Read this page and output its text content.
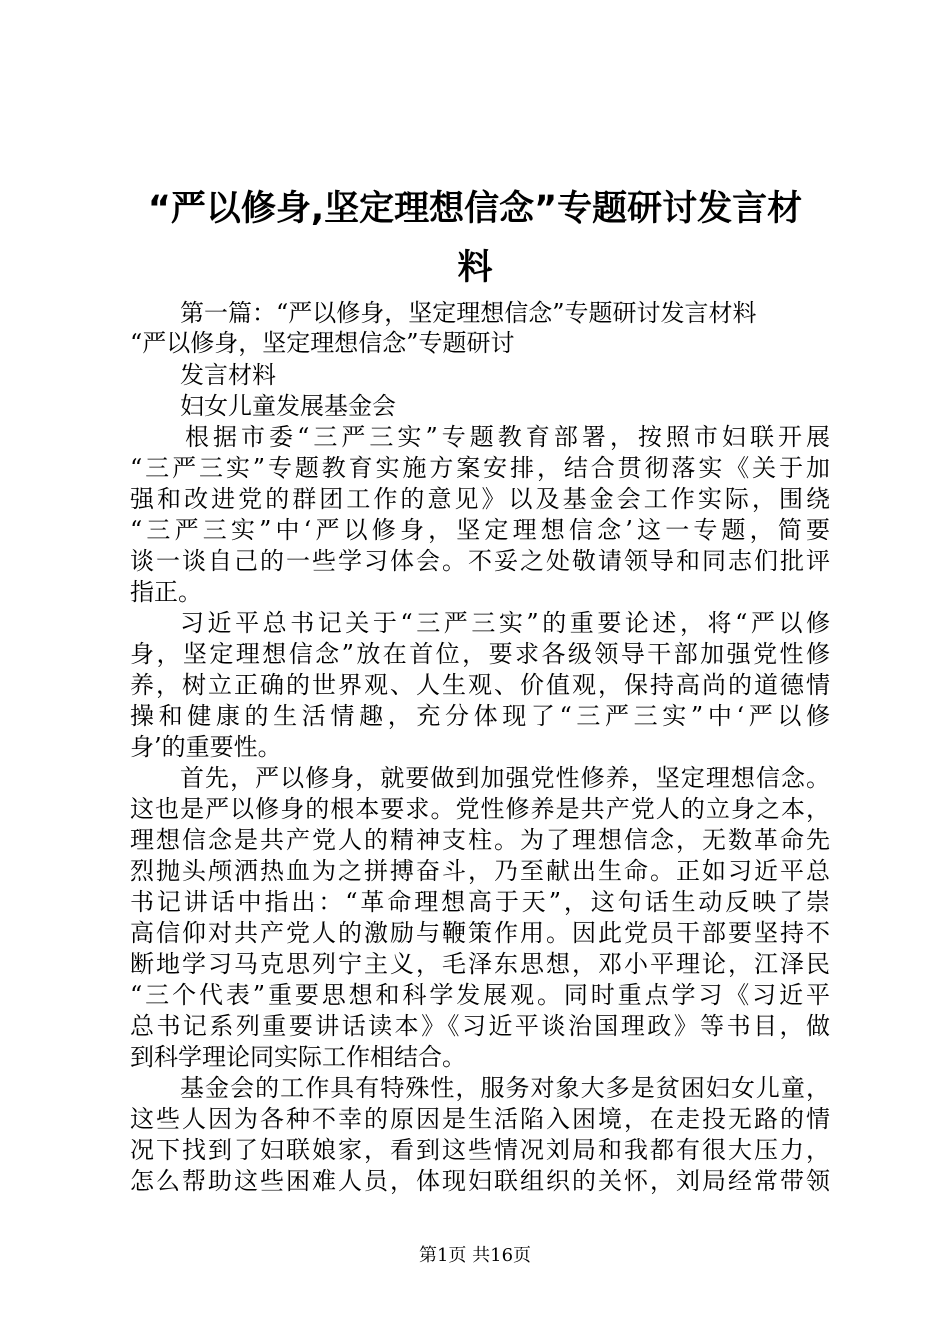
“严以修身,坚定理想信念”专题研讨发言材
料

第一篇：“严以修身，坚定理想信念”专题研讨发言材料

“严以修身，坚定理想信念”专题研讨

发言材料

妇女儿童发展基金会

根据市委“三严三实”专题教育部署，按照市妇联开展

“三严三实”专题教育实施方案安排，结合贯彻落实《关于加

强和改进党的群团工作的意见》以及基金会工作实际，围绕

“三严三实”中‘严以修身，坚定理想信念’这一专题，简要

谈一谈自己的一些学习体会。不妥之处敬请领导和同志们批评

指正。

习近平总书记关于“三严三实”的重要论述，将“严以修

身，坚定理想信念”放在首位，要求各级领导干部加强党性修

养，树立正确的世界观、人生观、价值观，保持高尚的道德情

操和健康的生活情趣，充分体现了“三严三实”中‘严以修

身’的重要性。

首先，严以修身，就要做到加强党性修养，坚定理想信念。

这也是严以修身的根本要求。党性修养是共产党人的立身之本，

理想信念是共产党人的精神支柱。为了理想信念，无数革命先

烈抛头颅洒热血为之拼搏奋斗，乃至献出生命。正如习近平总

书记讲话中指出：“革命理想高于天”，这句话生动反映了崇

高信仰对共产党人的激励与鞭策作用。因此党员干部要坚持不

断地学习马克思列宁主义，毛泽东思想，邓小平理论，江泽民

“三个代表”重要思想和科学发展观。同时重点学习《习近平

总书记系列重要讲话读本》《习近平谈治国理政》等书目，做

到科学理论同实际工作相结合。

基金会的工作具有特殊性，服务对象大多是贫困妇女儿童，

这些人因为各种不幸的原因是生活陷入困境，在走投无路的情

况下找到了妇联娘家，看到这些情况刘局和我都有很大压力，

怎么帮助这些困难人员，体现妇联组织的关怀，刘局经常带领

第1页 共16页
